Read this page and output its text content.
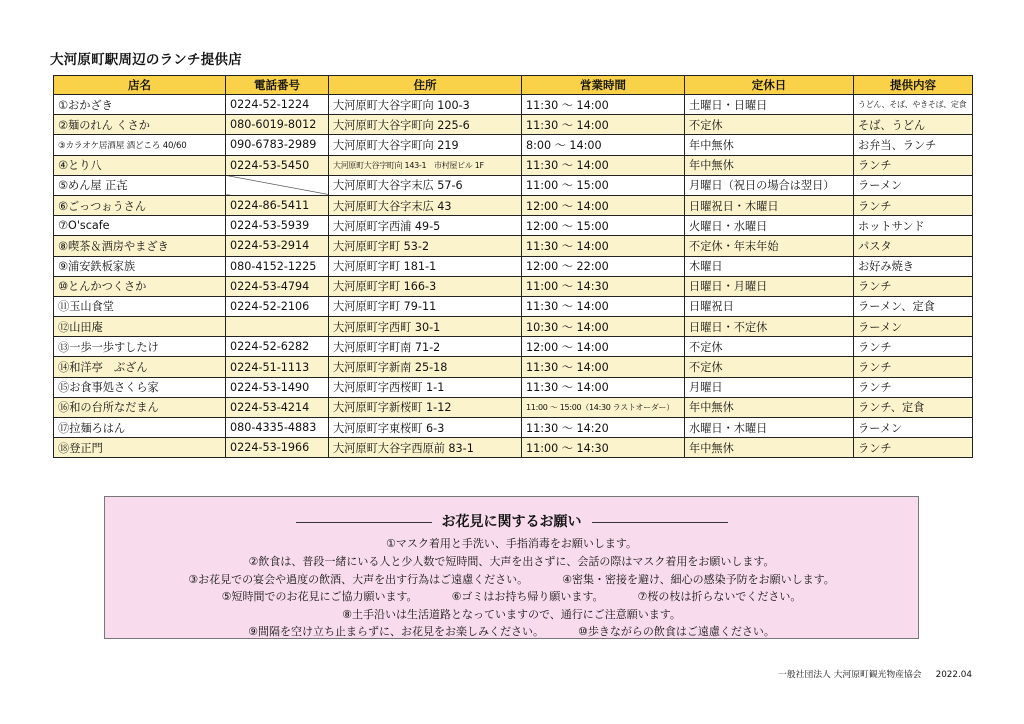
大河原町駅周辺のランチ提供店
店名	電話番号	住所	営業時間	定休日	提供内容
①おかざき	0224-52-1224	大河原町大谷字町向 100-3	11:30 ～ 14:00	土曜日・日曜日	うどん、そば、やきそば、定食
②麺のれん くさか	080-6019-8012	大河原町大谷字町向 225-6	11:30 ～ 14:00	不定休	そば、うどん
③カラオケ居酒屋 酒どころ 40/60	090-6783-2989	大河原町大谷字町向 219	8:00 ～ 14:00	年中無休	お弁当、ランチ
④とり八	0224-53-5450	大河原町大谷字町向 143-1　市村屋ビル 1F	11:30 ～ 14:00	年中無休	ランチ
⑤めん屋 正㐂		大河原町大谷字末広 57-6	11:00 ～ 15:00	月曜日（祝日の場合は翌日）	ラーメン
⑥ごっつぉうさん	0224-86-5411	大河原町大谷字末広 43	12:00 ～ 14:00	日曜祝日・木曜日	ランチ
⑦O'scafe	0224-53-5939	大河原町字西浦 49-5	12:00 ～ 15:00	火曜日・水曜日	ホットサンド
⑧喫茶＆酒房やまざき	0224-53-2914	大河原町字町 53-2	11:30 ～ 14:00	不定休・年末年始	パスタ
⑨浦安鉄板家族	080-4152-1225	大河原町字町 181-1	12:00 ～ 22:00	木曜日	お好み焼き
⑩とんかつくさか	0224-53-4794	大河原町字町 166-3	11:00 ～ 14:30	日曜日・月曜日	ランチ
⑪玉山食堂	0224-52-2106	大河原町字町 79-11	11:30 ～ 14:00	日曜祝日	ラーメン、定食
⑫山田庵		大河原町字西町 30-1	10:30 ～ 14:00	日曜日・不定休	ラーメン
⑬一歩一歩すしたけ	0224-52-6282	大河原町字町南 71-2	12:00 ～ 14:00	不定休	ランチ
⑭和洋亭　ぶざん	0224-51-1113	大河原町字新南 25-18	11:30 ～ 14:00	不定休	ランチ
⑮お食事処さくら家	0224-53-1490	大河原町字西桜町 1-1	11:30 ～ 14:00	月曜日	ランチ
⑯和の台所なだまん	0224-53-4214	大河原町字新桜町 1-12	11:00 ～ 15:00（14:30 ラストオーダー）	年中無休	ランチ、定食
⑰拉麺ろはん	080-4335-4883	大河原町字東桜町 6-3	11:30 ～ 14:20	水曜日・木曜日	ラーメン
⑱登正門	0224-53-1966	大河原町大谷字西原前 83-1	11:00 ～ 14:30	年中無休	ランチ
お花見に関するお願い
①マスク着用と手洗い、手指消毒をお願いします。
②飲食は、普段一緒にいる人と少人数で短時間、大声を出さずに、会話の際はマスク着用をお願いします。
③お花見での宴会や過度の飲酒、大声を出す行為はご遠慮ください。	④密集・密接を避け、細心の感染予防をお願いします。
⑤短時間でのお花見にご協力願います。	⑥ゴミはお持ち帰り願います。	⑦桜の枝は折らないでください。
⑧土手沿いは生活道路となっていますので、通行にご注意願います。
⑨間隔を空け立ち止まらずに、お花見をお楽しみください。	⑩歩きながらの飲食はご遠慮ください。
一般社団法人 大河原町観光物産協会 2022.04
